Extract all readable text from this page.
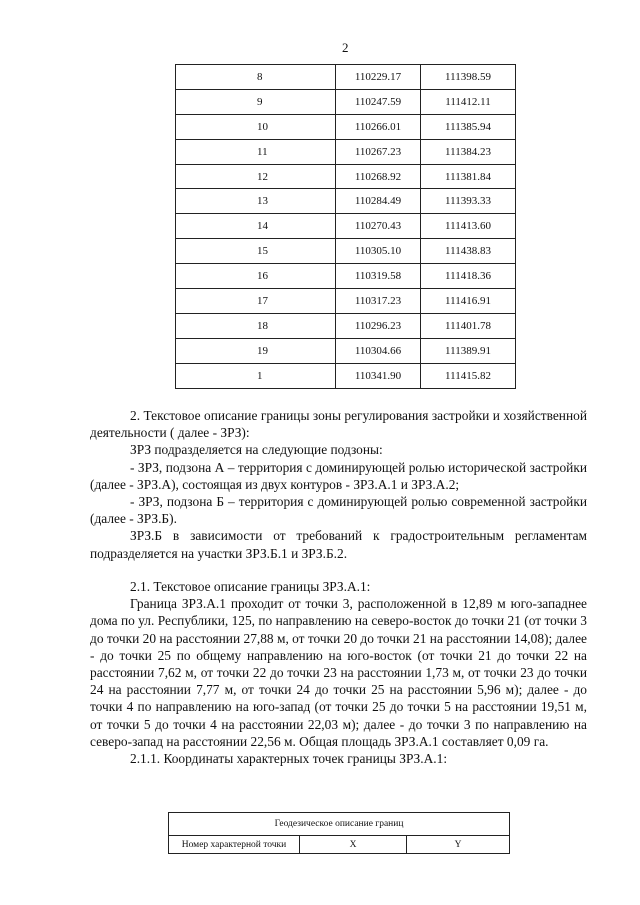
2
8	110229.17	111398.59
9	110247.59	111412.11
10	110266.01	111385.94
11	110267.23	111384.23
12	110268.92	111381.84
13	110284.49	111393.33
14	110270.43	111413.60
15	110305.10	111438.83
16	110319.58	111418.36
17	110317.23	111416.91
18	110296.23	111401.78
19	110304.66	111389.91
1	110341.90	111415.82

2. Текстовое описание границы зоны регулирования застройки и хозяйственной деятельности ( далее - ЗРЗ):

ЗРЗ подразделяется на следующие подзоны:

- ЗРЗ, подзона А – территория с доминирующей ролью исторической застройки (далее - ЗРЗ.А), состоящая из двух контуров - ЗРЗ.А.1 и ЗРЗ.А.2;

- ЗРЗ, подзона Б – территория с доминирующей ролью современной застройки (далее - ЗРЗ.Б).

ЗРЗ.Б в зависимости от требований к градостроительным регламентам подразделяется на участки ЗРЗ.Б.1 и ЗРЗ.Б.2.

2.1. Текстовое описание границы ЗРЗ.А.1:

Граница ЗРЗ.А.1 проходит от точки 3, расположенной в 12,89 м юго-западнее дома по ул. Республики, 125, по направлению на северо-восток до точки 21 (от точки 3 до точки 20 на расстоянии 27,88 м, от точки 20 до точки 21 на расстоянии 14,08); далее - до точки 25 по общему направлению на юго-восток (от точки 21 до точки 22 на расстоянии 7,62 м, от точки 22 до точки 23 на расстоянии 1,73 м, от точки 23 до точки 24 на расстоянии 7,77 м, от точки 24 до точки 25 на расстоянии 5,96 м); далее - до точки 4 по направлению на юго-запад (от точки 25 до точки 5 на расстоянии 19,51 м, от точки 5 до точки 4 на расстоянии 22,03 м); далее - до точки 3 по направлению на северо-запад на расстоянии 22,56 м. Общая площадь ЗРЗ.А.1 составляет 0,09 га.

2.1.1. Координаты характерных точек границы ЗРЗ.А.1:

Геодезическое описание границ
Номер характерной точки	X	Y
